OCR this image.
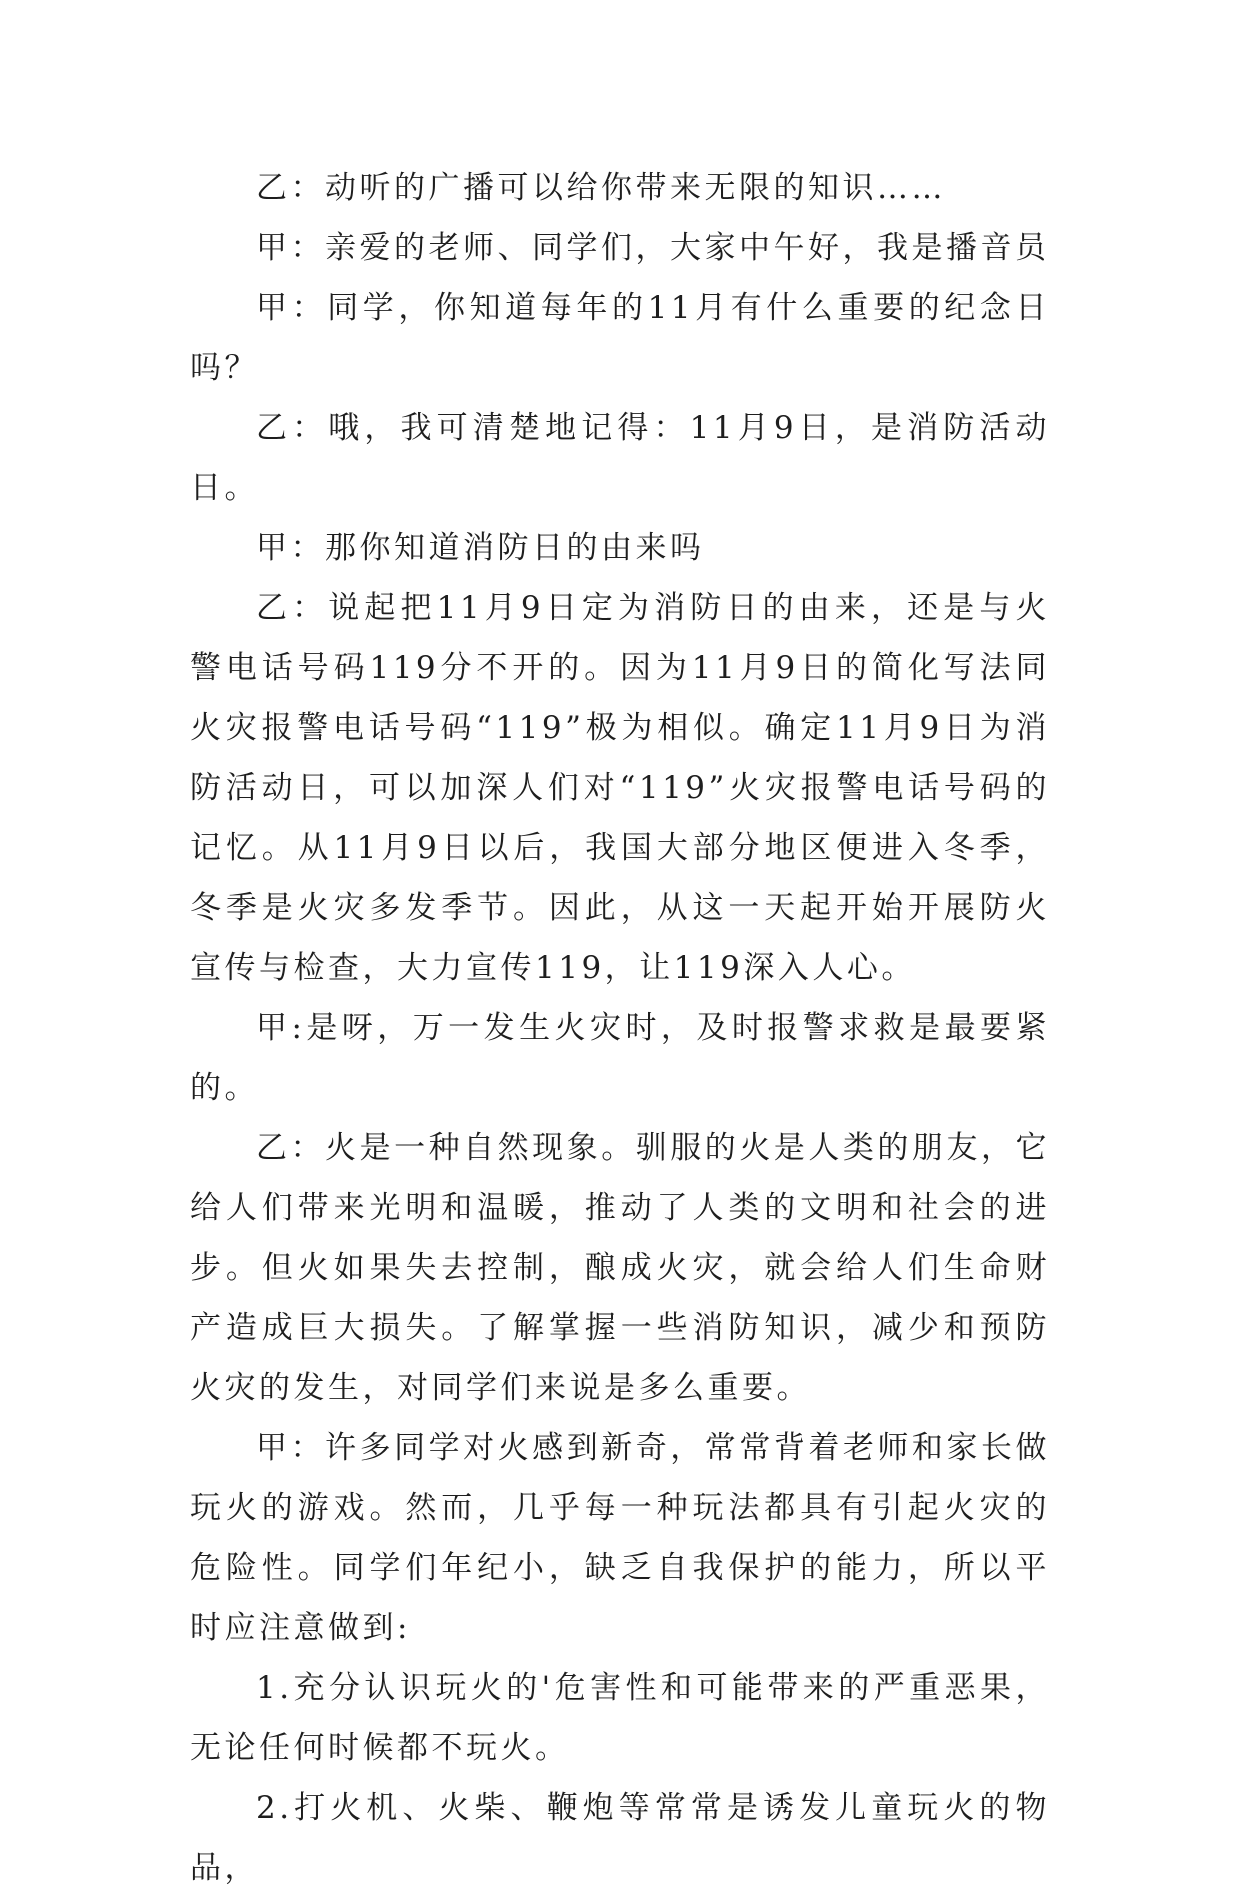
乙：动听的广播可以给你带来无限的知识……

甲：亲爱的老师、同学们，大家中午好，我是播音员

甲：同学，你知道每年的11月有什么重要的纪念日吗？

乙：哦，我可清楚地记得：11月9日，是消防活动日。

甲：那你知道消防日的由来吗

乙：说起把11月9日定为消防日的由来，还是与火警电话号码119分不开的。因为11月9日的简化写法同火灾报警电话号码“119”极为相似。确定11月9日为消防活动日，可以加深人们对“119”火灾报警电话号码的记忆。从11月9日以后，我国大部分地区便进入冬季，冬季是火灾多发季节。因此，从这一天起开始开展防火宣传与检查，大力宣传119，让119深入人心。

甲:是呀，万一发生火灾时，及时报警求救是最要紧的。

乙：火是一种自然现象。驯服的火是人类的朋友，它给人们带来光明和温暖，推动了人类的文明和社会的进步。但火如果失去控制，酿成火灾，就会给人们生命财产造成巨大损失。了解掌握一些消防知识，减少和预防火灾的发生，对同学们来说是多么重要。

甲：许多同学对火感到新奇，常常背着老师和家长做玩火的游戏。然而，几乎每一种玩法都具有引起火灾的危险性。同学们年纪小，缺乏自我保护的能力，所以平时应注意做到:

1.充分认识玩火的'危害性和可能带来的严重恶果，无论任何时候都不玩火。

2.打火机、火柴、鞭炮等常常是诱发儿童玩火的物品，
